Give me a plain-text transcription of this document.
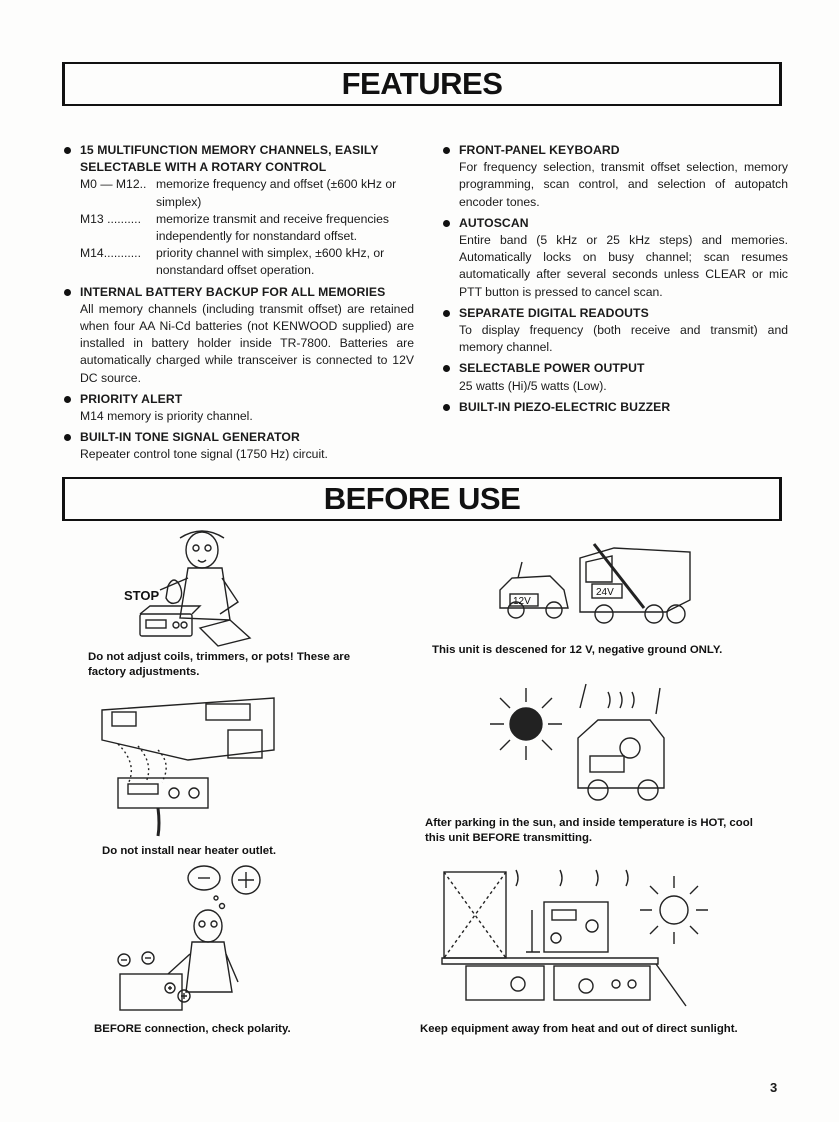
FEATURES
15 MULTIFUNCTION MEMORY CHANNELS, EASILY SELECTABLE WITH A ROTARY CONTROL
M0 — M12.. memorize frequency and offset (±600 kHz or simplex)
M13 ..........	memorize transmit and receive frequencies independently for nonstandard offset.
M14...........	priority channel with simplex, ±600 kHz, or nonstandard offset operation.
INTERNAL BATTERY BACKUP FOR ALL MEMORIES
All memory channels (including transmit offset) are retained when four AA Ni-Cd batteries (not KENWOOD supplied) are installed in battery holder inside TR-7800. Batteries are automatically charged while transceiver is connected to 12V DC source.
PRIORITY ALERT
M14 memory is priority channel.
BUILT-IN TONE SIGNAL GENERATOR
Repeater control tone signal (1750 Hz) circuit.
FRONT-PANEL KEYBOARD
For frequency selection, transmit offset selection, memory programming, scan control, and selection of autopatch encoder tones.
AUTOSCAN
Entire band (5 kHz or 25 kHz steps) and memories. Automatically locks on busy channel; scan resumes automatically after several seconds unless CLEAR or mic PTT button is pressed to cancel scan.
SEPARATE DIGITAL READOUTS
To display frequency (both receive and transmit) and memory channel.
SELECTABLE POWER OUTPUT
25 watts (Hi)/5 watts (Low).
BUILT-IN PIEZO-ELECTRIC BUZZER
BEFORE USE
STOP
Do not adjust coils, trimmers, or pots! These are factory adjustments.
12V
24V
This unit is descened for 12 V, negative ground ONLY.
Do not install near heater outlet.
After parking in the sun, and inside temperature is HOT, cool this unit BEFORE transmitting.
BEFORE connection, check polarity.	Keep equipment away from heat and out of direct sunlight.
3
